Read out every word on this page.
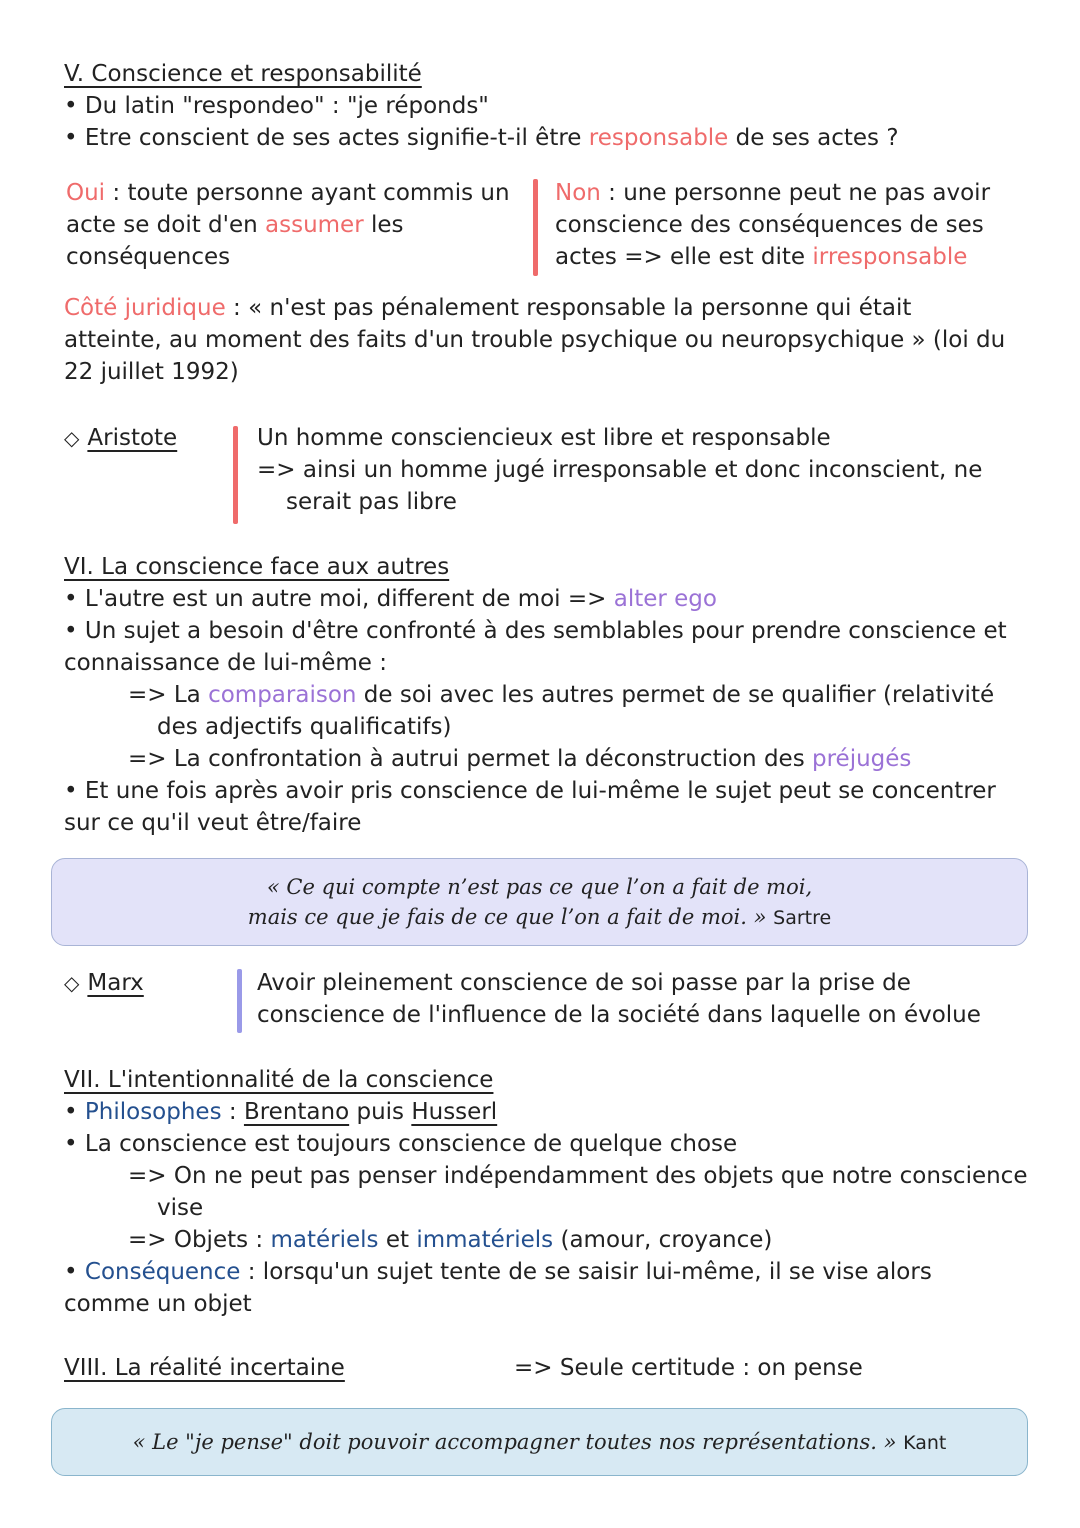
V. Conscience et responsabilité
• Du latin "respondeo" : "je réponds"
• Etre conscient de ses actes signifie-t-il être responsable de ses actes ?
Oui : toute personne ayant commis un
acte se doit d'en assumer les
conséquences
Non : une personne peut ne pas avoir
conscience des conséquences de ses
actes => elle est dite irresponsable
Côté juridique : « n'est pas pénalement responsable la personne qui était
atteinte, au moment des faits d'un trouble psychique ou neuropsychique » (loi du
22 juillet 1992)
◇ Aristote	Un homme consciencieux est libre et responsable
=> ainsi un homme jugé irresponsable et donc inconscient, ne
serait pas libre
VI. La conscience face aux autres
• L'autre est un autre moi, different de moi => alter ego
• Un sujet a besoin d'être confronté à des semblables pour prendre conscience et
connaissance de lui-même :
=> La comparaison de soi avec les autres permet de se qualifier (relativité
des adjectifs qualificatifs)
=> La confrontation à autrui permet la déconstruction des préjugés
• Et une fois après avoir pris conscience de lui-même le sujet peut se concentrer
sur ce qu'il veut être/faire
« Ce qui compte n’est pas ce que l’on a fait de moi,
mais ce que je fais de ce que l’on a fait de moi. » Sartre
◇ Marx	Avoir pleinement conscience de soi passe par la prise de
conscience de l'influence de la société dans laquelle on évolue
VII. L'intentionnalité de la conscience
• Philosophes : Brentano puis Husserl
• La conscience est toujours conscience de quelque chose
=> On ne peut pas penser indépendamment des objets que notre conscience
vise
=> Objets : matériels et immatériels (amour, croyance)
• Conséquence : lorsqu'un sujet tente de se saisir lui-même, il se vise alors
comme un objet
VIII. La réalité incertaine	=> Seule certitude : on pense
« Le "je pense" doit pouvoir accompagner toutes nos représentations. » Kant
